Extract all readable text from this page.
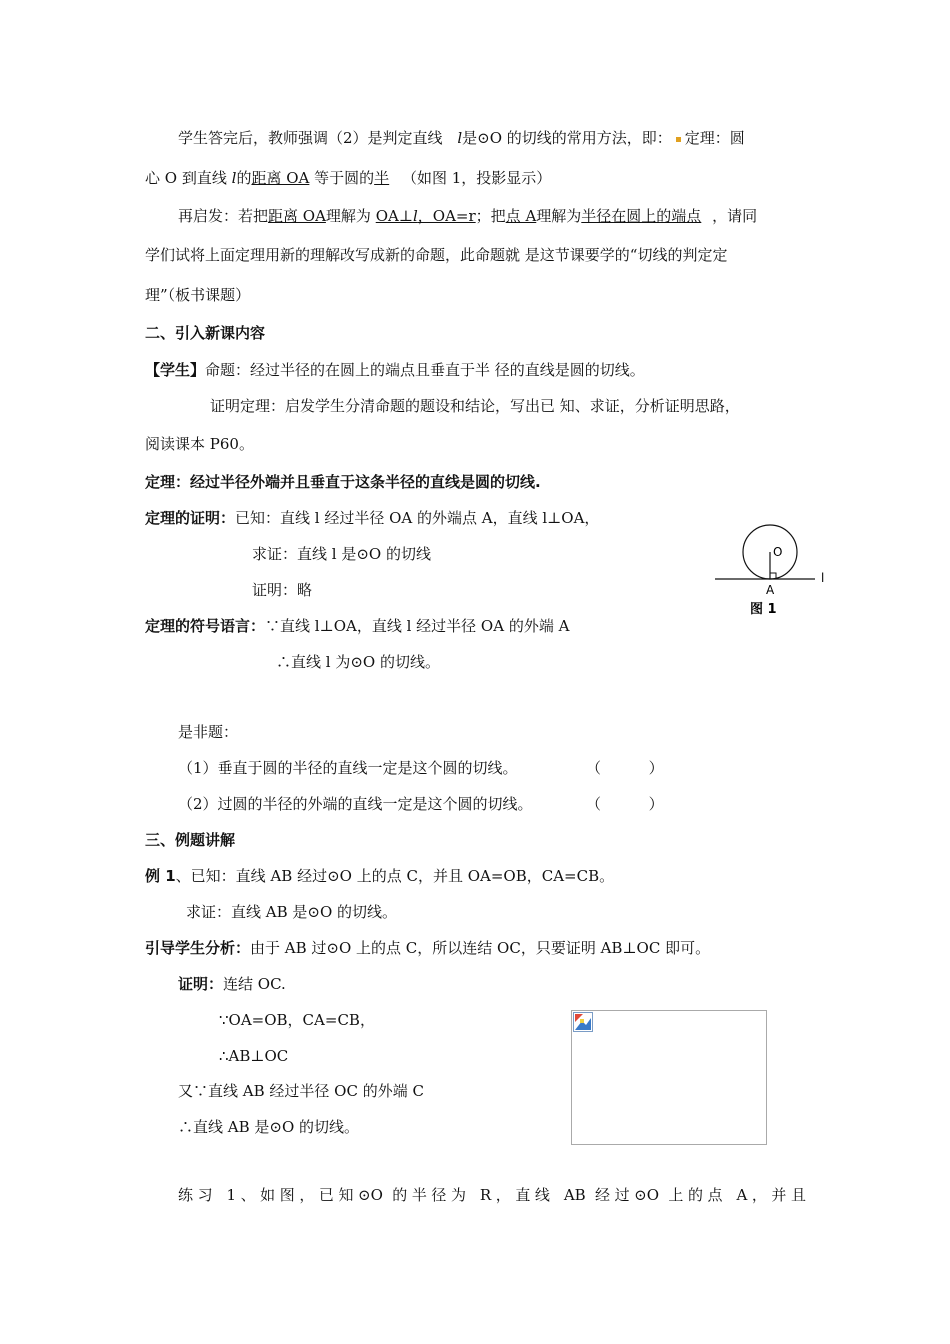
学生答完后，教师强调（2）是判定直线 l是⊙O 的切线的常用方法，即： 定理：圆
心 O 到直线 l的距离 OA 等于圆的半 （如图 1，投影显示）
再启发：若把距离 OA理解为 OA⊥l，OA=r；把点 A理解为半径在圆上的端点 ，请同
学们试将上面定理用新的理解改写成新的命题，此命题就 是这节课要学的“切线的判定定
理”（板书课题）
二、引入新课内容
【学生】命题：经过半径的在圆上的端点且垂直于半 径的直线是圆的切线。
证明定理：启发学生分清命题的题设和结论，写出已 知、求证，分析证明思路，
阅读课本 P60。
定理：经过半径外端并且垂直于这条半径的直线是圆的切线.
定理的证明：已知：直线 l 经过半径 OA 的外端点 A，直线 l⊥OA，
求证：直线 l 是⊙O 的切线
证明：略
定理的符号语言：∵直线 l⊥OA，直线 l 经过半径 OA 的外端 A
∴直线 l 为⊙O 的切线。
O
A
l
图 1
是非题：
（1）垂直于圆的半径的直线一定是这个圆的切线。	（          ）
（2）过圆的半径的外端的直线一定是这个圆的切线。	（          ）
三、例题讲解
例 1、已知：直线 AB 经过⊙O 上的点 C，并且 OA=OB，CA=CB。
求证：直线 AB 是⊙O 的切线。
引导学生分析：由于 AB 过⊙O 上的点 C，所以连结 OC，只要证明 AB⊥OC 即可。
证明：连结 OC.
∵OA=OB，CA=CB，
∴AB⊥OC
又∵直线 AB 经过半径 OC 的外端 C
∴直线 AB 是⊙O 的切线。
练习 1、如图，已知⊙O 的半径为 R，直线 AB 经过⊙O 上的点 A，并且
